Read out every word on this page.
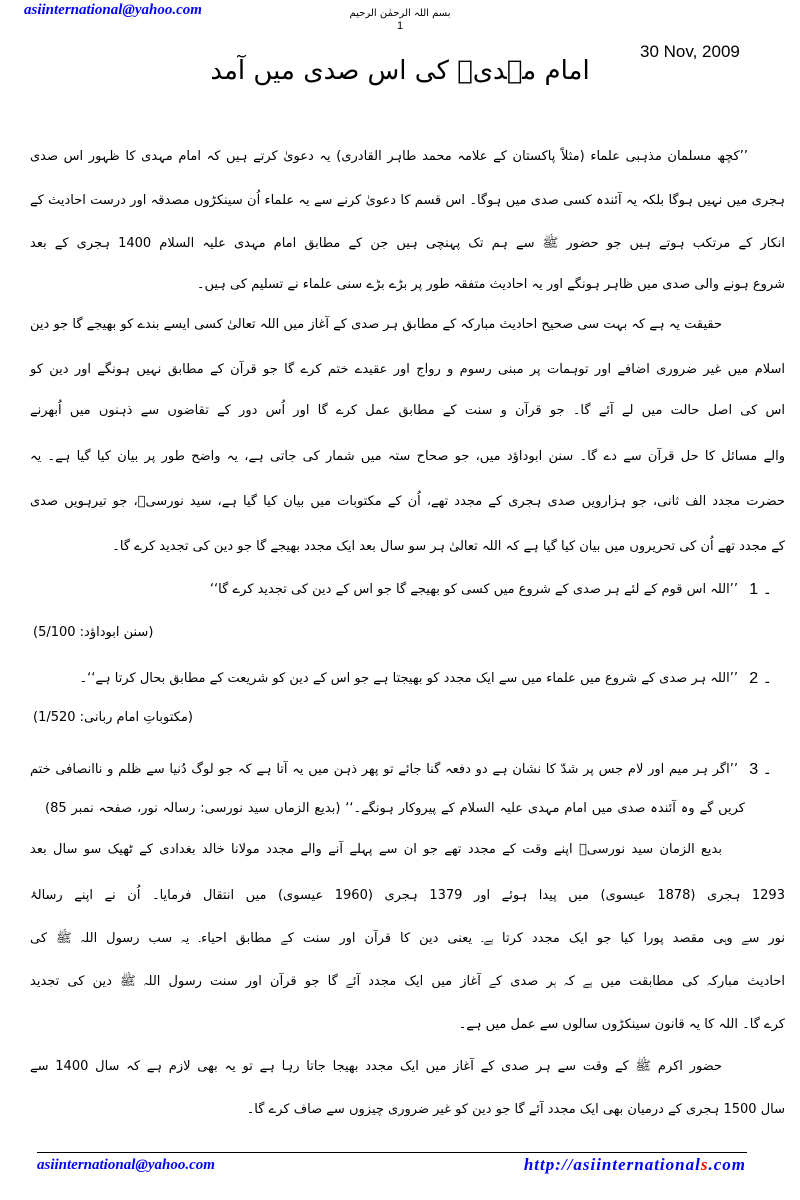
asiinternational@yahoo.com	بسم اللہ الرحمٰن الرحیم
1
30 Nov, 2009
امام مہدیؑ کی اس صدی میں آمد
’’کچھ مسلمان مذہبی علماء (مثلاً پاکستان کے علامہ محمد طاہر القادری) یہ دعویٰ کرتے ہیں کہ امام مہدی کا ظہور اس صدی
ہجری میں نہیں ہوگا بلکہ یہ آئندہ کسی صدی میں ہوگا۔ اس قسم کا دعویٰ کرنے سے یہ علماء اُن سینکڑوں مصدقہ اور درست احادیث کے
انکار کے مرتکب ہوتے ہیں جو حضور ﷺ سے ہم تک پہنچی ہیں جن کے مطابق امام مہدی علیہ السلام 1400 ہجری کے بعد
شروع ہونے والی صدی میں ظاہر ہونگے اور یہ احادیث متفقہ طور پر بڑے بڑے سنی علماء نے تسلیم کی ہیں۔
حقیقت یہ ہے کہ بہت سی صحیح احادیث مبارکہ کے مطابق ہر صدی کے آغاز میں اللہ تعالیٰ کسی ایسے بندے کو بھیجے گا جو دین
اسلام میں غیر ضروری اضافے اور توہمات پر مبنی رسوم و رواج اور عقیدے ختم کرے گا جو قرآن کے مطابق نہیں ہونگے اور دین کو
اس کی اصل حالت میں لے آئے گا۔ جو قرآن و سنت کے مطابق عمل کرے گا اور اُس دور کے تقاضوں سے ذہنوں میں اُبھرنے
والے مسائل کا حل قرآن سے دے گا۔ سنن ابوداؤد میں، جو صحاح ستہ میں شمار کی جاتی ہے، یہ واضح طور پر بیان کیا گیا ہے۔ یہ
حضرت مجدد الف ثانی، جو ہزارویں صدی ہجری کے مجدد تھے، اُن کے مکتوبات میں بیان کیا گیا ہے، سید نورسیؒ، جو تیرہویں صدی
کے مجدد تھے اُن کی تحریروں میں بیان کیا گیا ہے کہ اللہ تعالیٰ ہر سو سال بعد ایک مجدد بھیجے گا جو دین کی تجدید کرے گا۔
1 ۔
’’اللہ اس قوم کے لئے ہر صدی کے شروع میں کسی کو بھیجے گا جو اس کے دین کی تجدید کرے گا‘‘
(سنن ابوداؤد: 5/100)
2 ۔
’’اللہ ہر صدی کے شروع میں علماء میں سے ایک مجدد کو بھیجتا ہے جو اس کے دین کو شریعت کے مطابق بحال کرتا ہے‘‘۔
(مکتوباتِ امام ربانی: 1/520)
3 ۔
’’اگر ہر میم اور لام جس پر شدّ کا نشان ہے دو دفعہ گنا جائے تو پھر ذہن میں یہ آتا ہے کہ جو لوگ دُنیا سے ظلم و ناانصافی ختم
کریں گے وہ آئندہ صدی میں امام مہدی علیہ السلام کے پیروکار ہونگے۔‘‘ (بدیع الزماں سید نورسی: رسالہ نور، صفحہ نمبر 85)
بدیع الزمان سید نورسیؒ اپنے وقت کے مجدد تھے جو ان سے پہلے آنے والے مجدد مولانا خالد بغدادی کے ٹھیک سو سال بعد
1293 ہجری (1878 عیسوی) میں پیدا ہوئے اور 1379 ہجری (1960 عیسوی) میں انتقال فرمایا۔ اُن نے اپنے رسالۂ
نور سے وہی مقصد پورا کیا جو ایک مجدد کرتا ہے۔ یعنی دین کا قرآن اور سنت کے مطابق احیاء۔ یہ سب رسول اللہ ﷺ کی
احادیث مبارکہ کی مطابقت میں ہے کہ ہر صدی کے آغاز میں ایک مجدد آئے گا جو قرآن اور سنت رسول اللہ ﷺ دین کی تجدید
کرے گا۔ اللہ کا یہ قانون سینکڑوں سالوں سے عمل میں ہے۔
حضور اکرم ﷺ کے وقت سے ہر صدی کے آغاز میں ایک مجدد بھیجا جاتا رہا ہے تو یہ بھی لازم ہے کہ سال 1400 سے
سال 1500 ہجری کے درمیان بھی ایک مجدد آئے گا جو دین کو غیر ضروری چیزوں سے صاف کرے گا۔
asiinternational@yahoo.com	http://asiinternationals.com
